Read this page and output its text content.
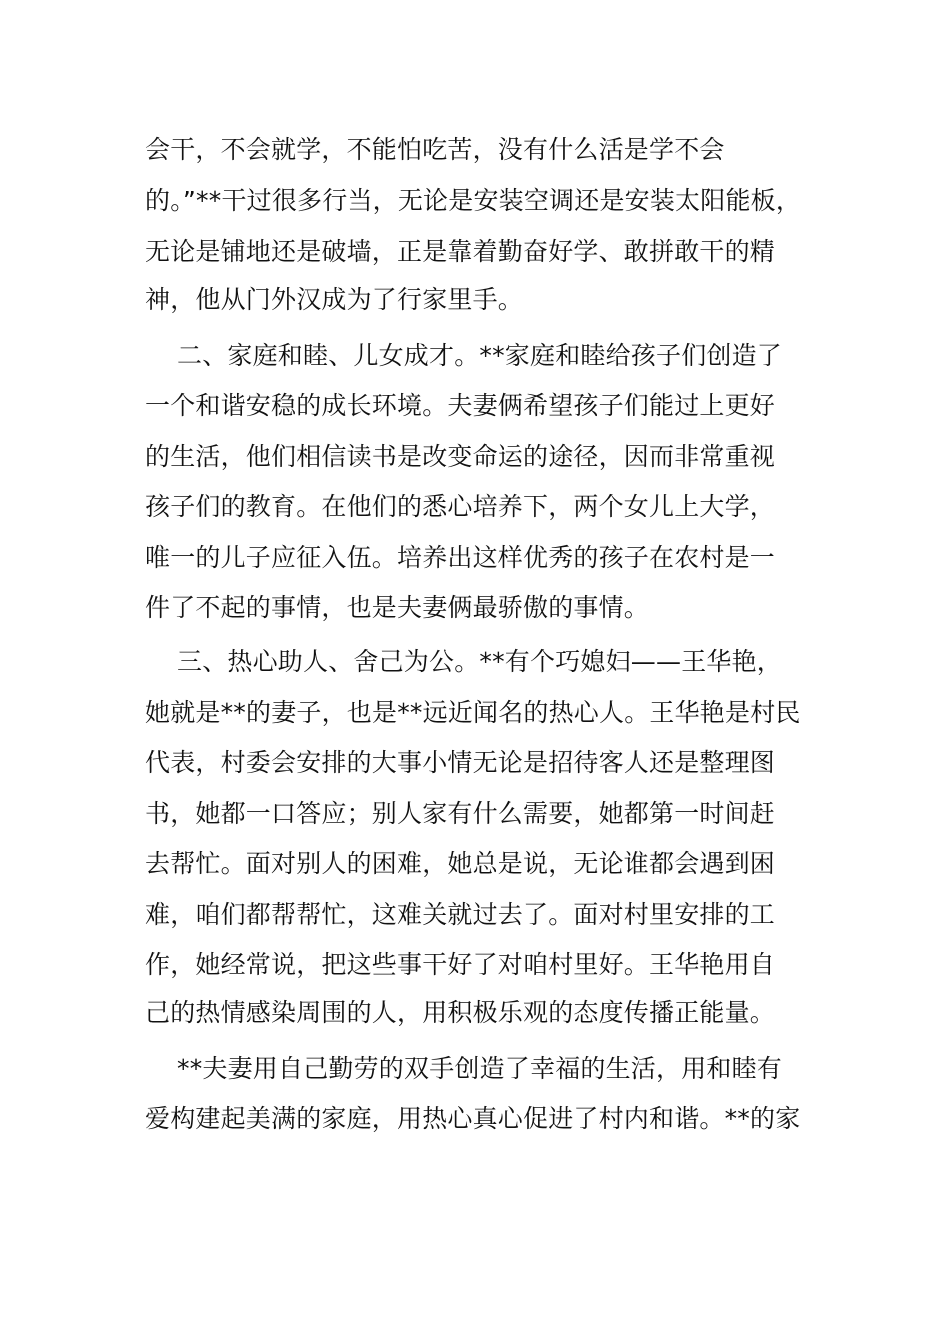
会干，不会就学，不能怕吃苦，没有什么活是学不会
的。”**干过很多行当，无论是安装空调还是安装太阳能板，
无论是铺地还是破墙，正是靠着勤奋好学、敢拼敢干的精
神，他从门外汉成为了行家里手。
二、家庭和睦、儿女成才。**家庭和睦给孩子们创造了
一个和谐安稳的成长环境。夫妻俩希望孩子们能过上更好
的生活，他们相信读书是改变命运的途径，因而非常重视
孩子们的教育。在他们的悉心培养下，两个女儿上大学，
唯一的儿子应征入伍。培养出这样优秀的孩子在农村是一
件了不起的事情，也是夫妻俩最骄傲的事情。
三、热心助人、舍己为公。**有个巧媳妇——王华艳，
她就是**的妻子，也是**远近闻名的热心人。王华艳是村民
代表，村委会安排的大事小情无论是招待客人还是整理图
书，她都一口答应；别人家有什么需要，她都第一时间赶
去帮忙。面对别人的困难，她总是说，无论谁都会遇到困
难，咱们都帮帮忙，这难关就过去了。面对村里安排的工
作，她经常说，把这些事干好了对咱村里好。王华艳用自
己的热情感染周围的人，用积极乐观的态度传播正能量。
**夫妻用自己勤劳的双手创造了幸福的生活，用和睦有
爱构建起美满的家庭，用热心真心促进了村内和谐。**的家
